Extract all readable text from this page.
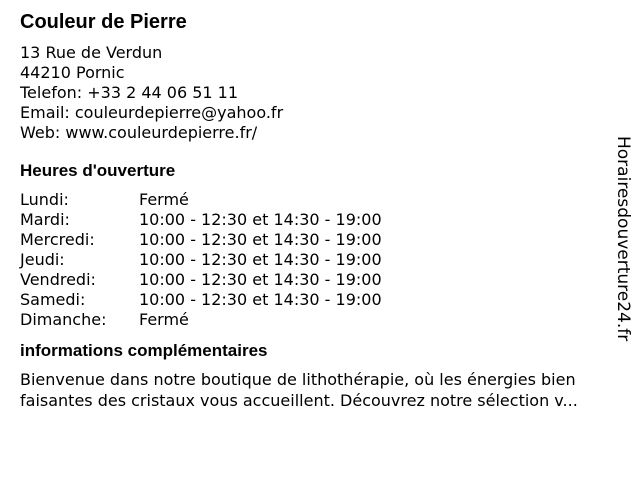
Couleur de Pierre
13 Rue de Verdun
44210 Pornic
Telefon: +33 2 44 06 51 11
Email: couleurdepierre@yahoo.fr
Web: www.couleurdepierre.fr/
Heures d'ouverture
Lundi:	Fermé
Mardi:	10:00 - 12:30 et 14:30 - 19:00
Mercredi:	10:00 - 12:30 et 14:30 - 19:00
Jeudi:	10:00 - 12:30 et 14:30 - 19:00
Vendredi:	10:00 - 12:30 et 14:30 - 19:00
Samedi:	10:00 - 12:30 et 14:30 - 19:00
Dimanche:	Fermé
informations complémentaires
Bienvenue dans notre boutique de lithothérapie, où les énergies bien
faisantes des cristaux vous accueillent. Découvrez notre sélection v...
Horairesdouverture24.fr
